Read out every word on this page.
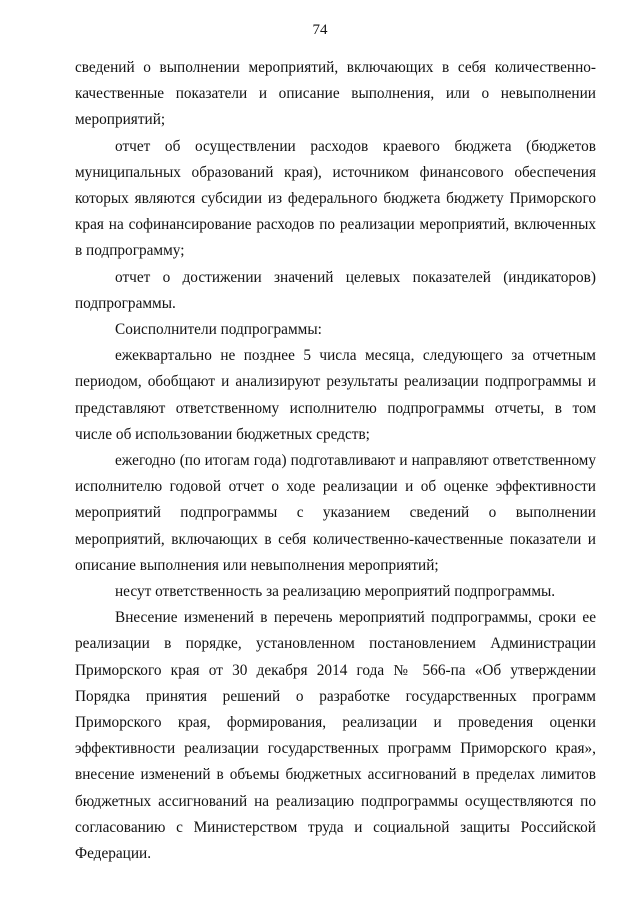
74

сведений о выполнении мероприятий, включающих в себя количественно-качественные показатели и описание выполнения, или о невыполнении мероприятий;

отчет об осуществлении расходов краевого бюджета (бюджетов муниципальных образований края), источником финансового обеспечения которых являются субсидии из федерального бюджета бюджету Приморского края на софинансирование расходов по реализации мероприятий, включенных в подпрограмму;

отчет о достижении значений целевых показателей (индикаторов) подпрограммы.

Соисполнители подпрограммы:

ежеквартально не позднее 5 числа месяца, следующего за отчетным периодом, обобщают и анализируют результаты реализации подпрограммы и представляют ответственному исполнителю подпрограммы отчеты, в том числе об использовании бюджетных средств;

ежегодно (по итогам года) подготавливают и направляют ответственному исполнителю годовой отчет о ходе реализации и об оценке эффективности мероприятий подпрограммы с указанием сведений о выполнении мероприятий, включающих в себя количественно-качественные показатели и описание выполнения или невыполнения мероприятий;

несут ответственность за реализацию мероприятий подпрограммы.

Внесение изменений в перечень мероприятий подпрограммы, сроки ее реализации в порядке, установленном постановлением Администрации Приморского края от 30 декабря 2014 года № 566-па «Об утверждении Порядка принятия решений о разработке государственных программ Приморского края, формирования, реализации и проведения оценки эффективности реализации государственных программ Приморского края», внесение изменений в объемы бюджетных ассигнований в пределах лимитов бюджетных ассигнований на реализацию подпрограммы осуществляются по согласованию с Министерством труда и социальной защиты Российской Федерации.
